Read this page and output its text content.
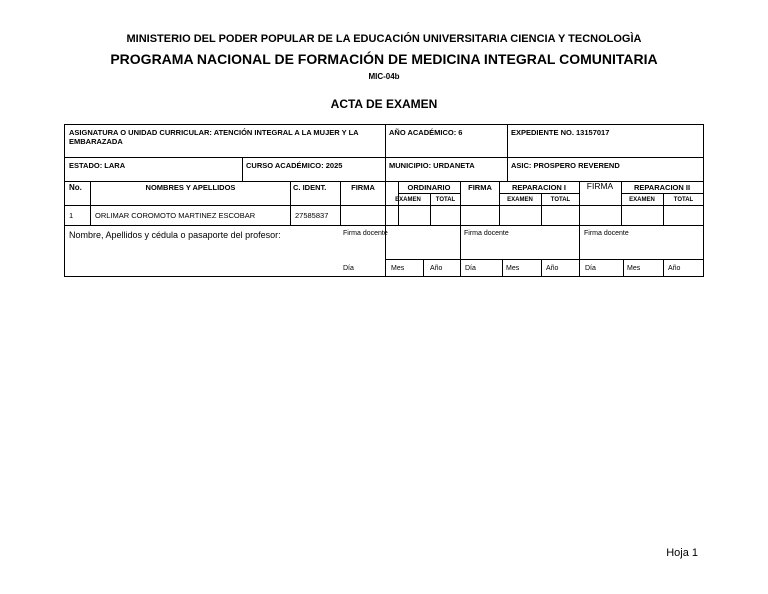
MINISTERIO DEL PODER POPULAR DE LA EDUCACIÓN UNIVERSITARIA CIENCIA Y TECNOLOGÌA
PROGRAMA NACIONAL DE FORMACIÓN DE MEDICINA INTEGRAL COMUNITARIA
MIC-04b
ACTA DE EXAMEN
ASIGNATURA O UNIDAD CURRICULAR: ATENCIÓN INTEGRAL A LA MUJER Y LA EMBARAZADA
AÑO ACADÉMICO: 6	EXPEDIENTE NO. 13157017
ESTADO: LARA	CURSO ACADÉMICO: 2025	MUNICIPIO: URDANETA	ASIC: PROSPERO REVEREND
No.	NOMBRES Y APELLIDOS	C. IDENT.	FIRMA	ORDINARIO	FIRMA	REPARACION I	FIRMA	REPARACION II
EXAMEN	TOTAL	EXAMEN	TOTAL	EXAMEN	TOTAL
1	ORLIMAR COROMOTO MARTINEZ ESCOBAR	27585837
Nombre, Apellidos y cédula o pasaporte del profesor:	Firma docente	Firma docente	Firma docente
Día	Mes	Año	Día	Mes	Año	Día	Mes	Año
Hoja 1
